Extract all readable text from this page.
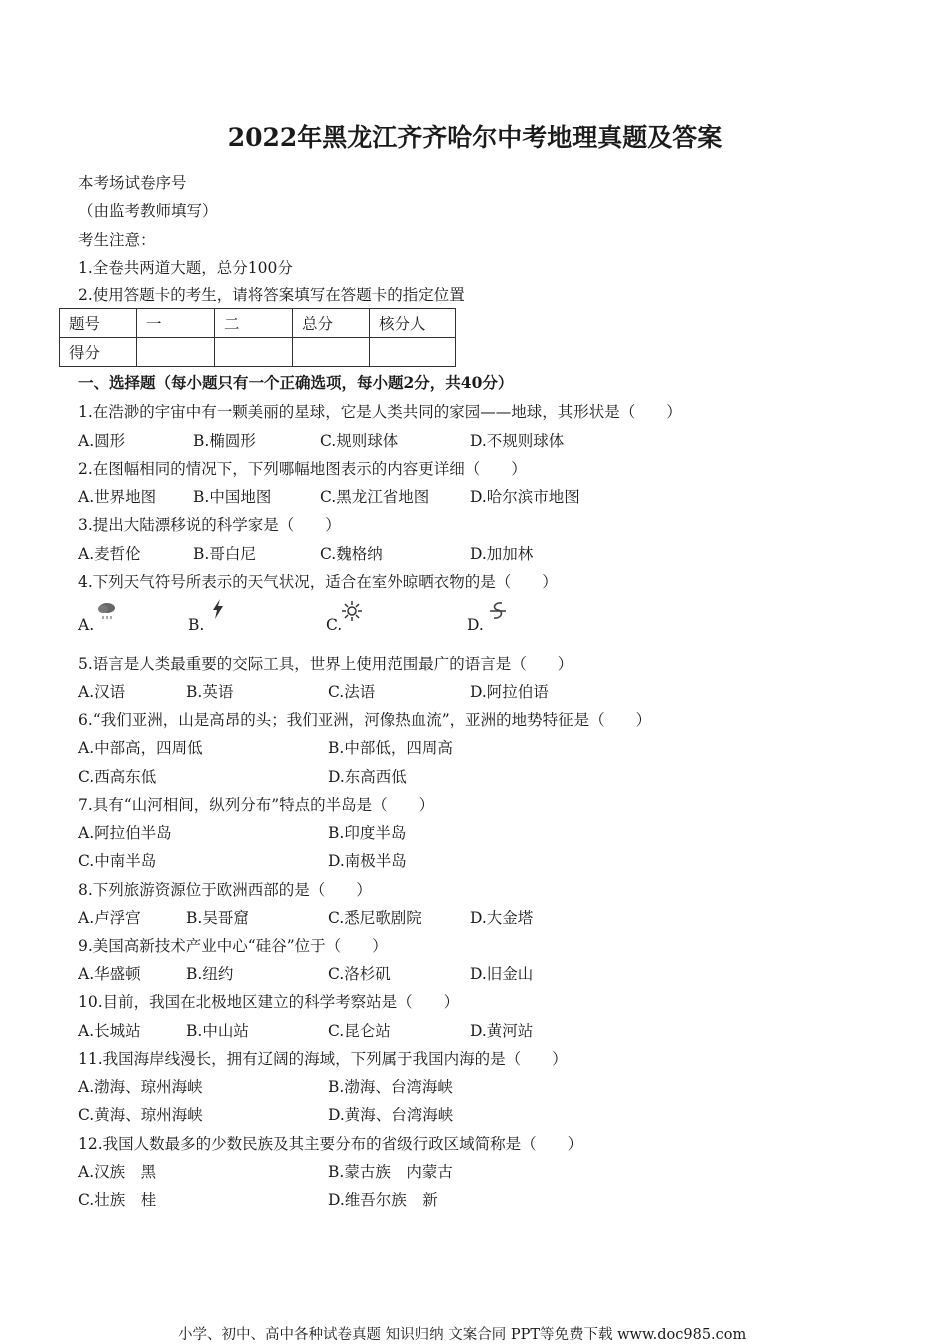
2022年黑龙江齐齐哈尔中考地理真题及答案
本考场试卷序号
（由监考教师填写）
考生注意：
1.全卷共两道大题，总分100分
2.使用答题卡的考生，请将答案填写在答题卡的指定位置
题号	一	二	总分	核分人
得分				
一、选择题（每小题只有一个正确选项，每小题2分，共40分）
1.在浩渺的宇宙中有一颗美丽的星球，它是人类共同的家园——地球，其形状是（　　）
A.圆形	B.椭圆形	C.规则球体	D.不规则球体
2.在图幅相同的情况下，下列哪幅地图表示的内容更详细（　　）
A.世界地图 B.中国地图	C.黑龙江省地图	D.哈尔滨市地图
3.提出大陆漂移说的科学家是（　　）
A.麦哲伦	B.哥白尼	C.魏格纳	D.加加林
4.下列天气符号所表示的天气状况，适合在室外晾晒衣物的是（　　）
A.	B.	C.	D.
5.语言是人类最重要的交际工具，世界上使用范围最广的语言是（　　）
A.汉语	B.英语	C.法语	D.阿拉伯语
6.“我们亚洲，山是高昂的头；我们亚洲，河像热血流”，亚洲的地势特征是（　　）
A.中部高，四周低	B.中部低，四周高
C.西高东低	D.东高西低
7.具有“山河相间，纵列分布”特点的半岛是（　　）
A.阿拉伯半岛	B.印度半岛
C.中南半岛	D.南极半岛
8.下列旅游资源位于欧洲西部的是（　　）
A.卢浮宫	B.吴哥窟	C.悉尼歌剧院	D.大金塔
9.美国高新技术产业中心“硅谷”位于（　　）
A.华盛顿	B.纽约	C.洛杉矶	D.旧金山
10.目前，我国在北极地区建立的科学考察站是（　　）
A.长城站	B.中山站	C.昆仑站	D.黄河站
11.我国海岸线漫长，拥有辽阔的海域，下列属于我国内海的是（　　）
A.渤海、琼州海峡	B.渤海、台湾海峡
C.黄海、琼州海峡	D.黄海、台湾海峡
12.我国人数最多的少数民族及其主要分布的省级行政区域简称是（　　）
A.汉族　黑	B.蒙古族　内蒙古
C.壮族　桂	D.维吾尔族　新
小学、初中、高中各种试卷真题 知识归纳 文案合同 PPT等免费下载 www.doc985.com
